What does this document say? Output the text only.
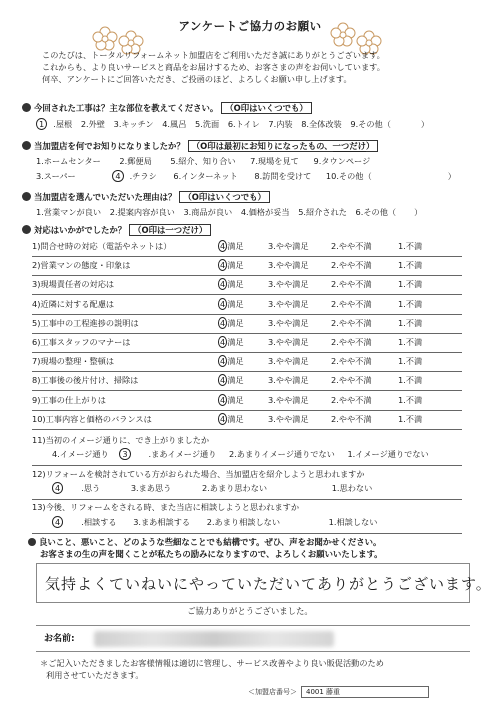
アンケートご協力のお願い
このたびは、トータルリフォームネット加盟店をご利用いただき誠にありがとうございます。
これからも、より良いサービスと商品をお届けするため、お客さまの声をお伺いしています。
何卒、アンケートにご回答いただき、ご投函のほど、よろしくお願い申し上げます。
今回された工事は？主な部位を教えてください。 （O印はいくつでも）
1 .屋根 2.外壁 3.キッチン 4.風呂 5.洗面 6.トイレ 7.内装 8.全体改装 9.その他（	）
当加盟店を何でお知りになりましたか？ （O印は最初にお知りになったもの、一つだけ）
1.ホームセンター 2.郵便局 5.紹介、知り合い 7.現場を見て 9.タウンページ
3.スーパー	4 .チラシ 6.インターネット 8.訪問を受けて 10.その他（	）
当加盟店を選んでいただいた理由は？ （O印はいくつでも）
1.営業マンが良い 2.提案内容が良い 3.商品が良い 4.価格が妥当 5.紹介された 6.その他（ ）
対応はいかがでしたか？ （O印は一つだけ）
1)問合せ時の対応（電話やネットは）	4 満足	3.やや満足	2.やや不満	1.不満
2)営業マンの態度・印象は	4 満足	3.やや満足	2.やや不満	1.不満
3)現場責任者の対応は	4 満足	3.やや満足	2.やや不満	1.不満
4)近隣に対する配慮は	4 満足	3.やや満足	2.やや不満	1.不満
5)工事中の工程進捗の説明は	4 満足	3.やや満足	2.やや不満	1.不満
6)工事スタッフのマナーは	4 満足	3.やや満足	2.やや不満	1.不満
7)現場の整理・整頓は	4 満足	3.やや満足	2.やや不満	1.不満
8)工事後の後片付け、掃除は	4 満足	3.やや満足	2.やや不満	1.不満
9)工事の仕上がりは	4 満足	3.やや満足	2.やや不満	1.不満
10)工事内容と価格のバランスは	4 満足	3.やや満足	2.やや不満	1.不満
11)当初のイメージ通りに、でき上がりましたか
4.イメージ通り 3	.まあイメージ通り 2.あまりイメージ通りでない 1.イメージ通りでない
12)リフォームを検討されている方がおられた場合、当加盟店を紹介しようと思われますか
4	.思う	3.まあ思う	2.あまり思わない	1.思わない
13)今後、リフォームをされる時、また当店に相談しようと思われますか
4	.相談する 3.まあ相談する 2.あまり相談しない	1.相談しない
良いこと、悪いこと、どのような些細なことでも結構です。ぜひ、声をお聞かせください。
お客さまの生の声を聞くことが私たちの励みになりますので、よろしくお願いいたします。
気持よくていねいにやっていただいてありがとうございます。
ご協力ありがとうございました。
お名前:
＊ご記入いただきましたお客様情報は適切に管理し、サービス改善やより良い販促活動のため
利用させていただきます。
＜加盟店番号＞ 4001 藤重
